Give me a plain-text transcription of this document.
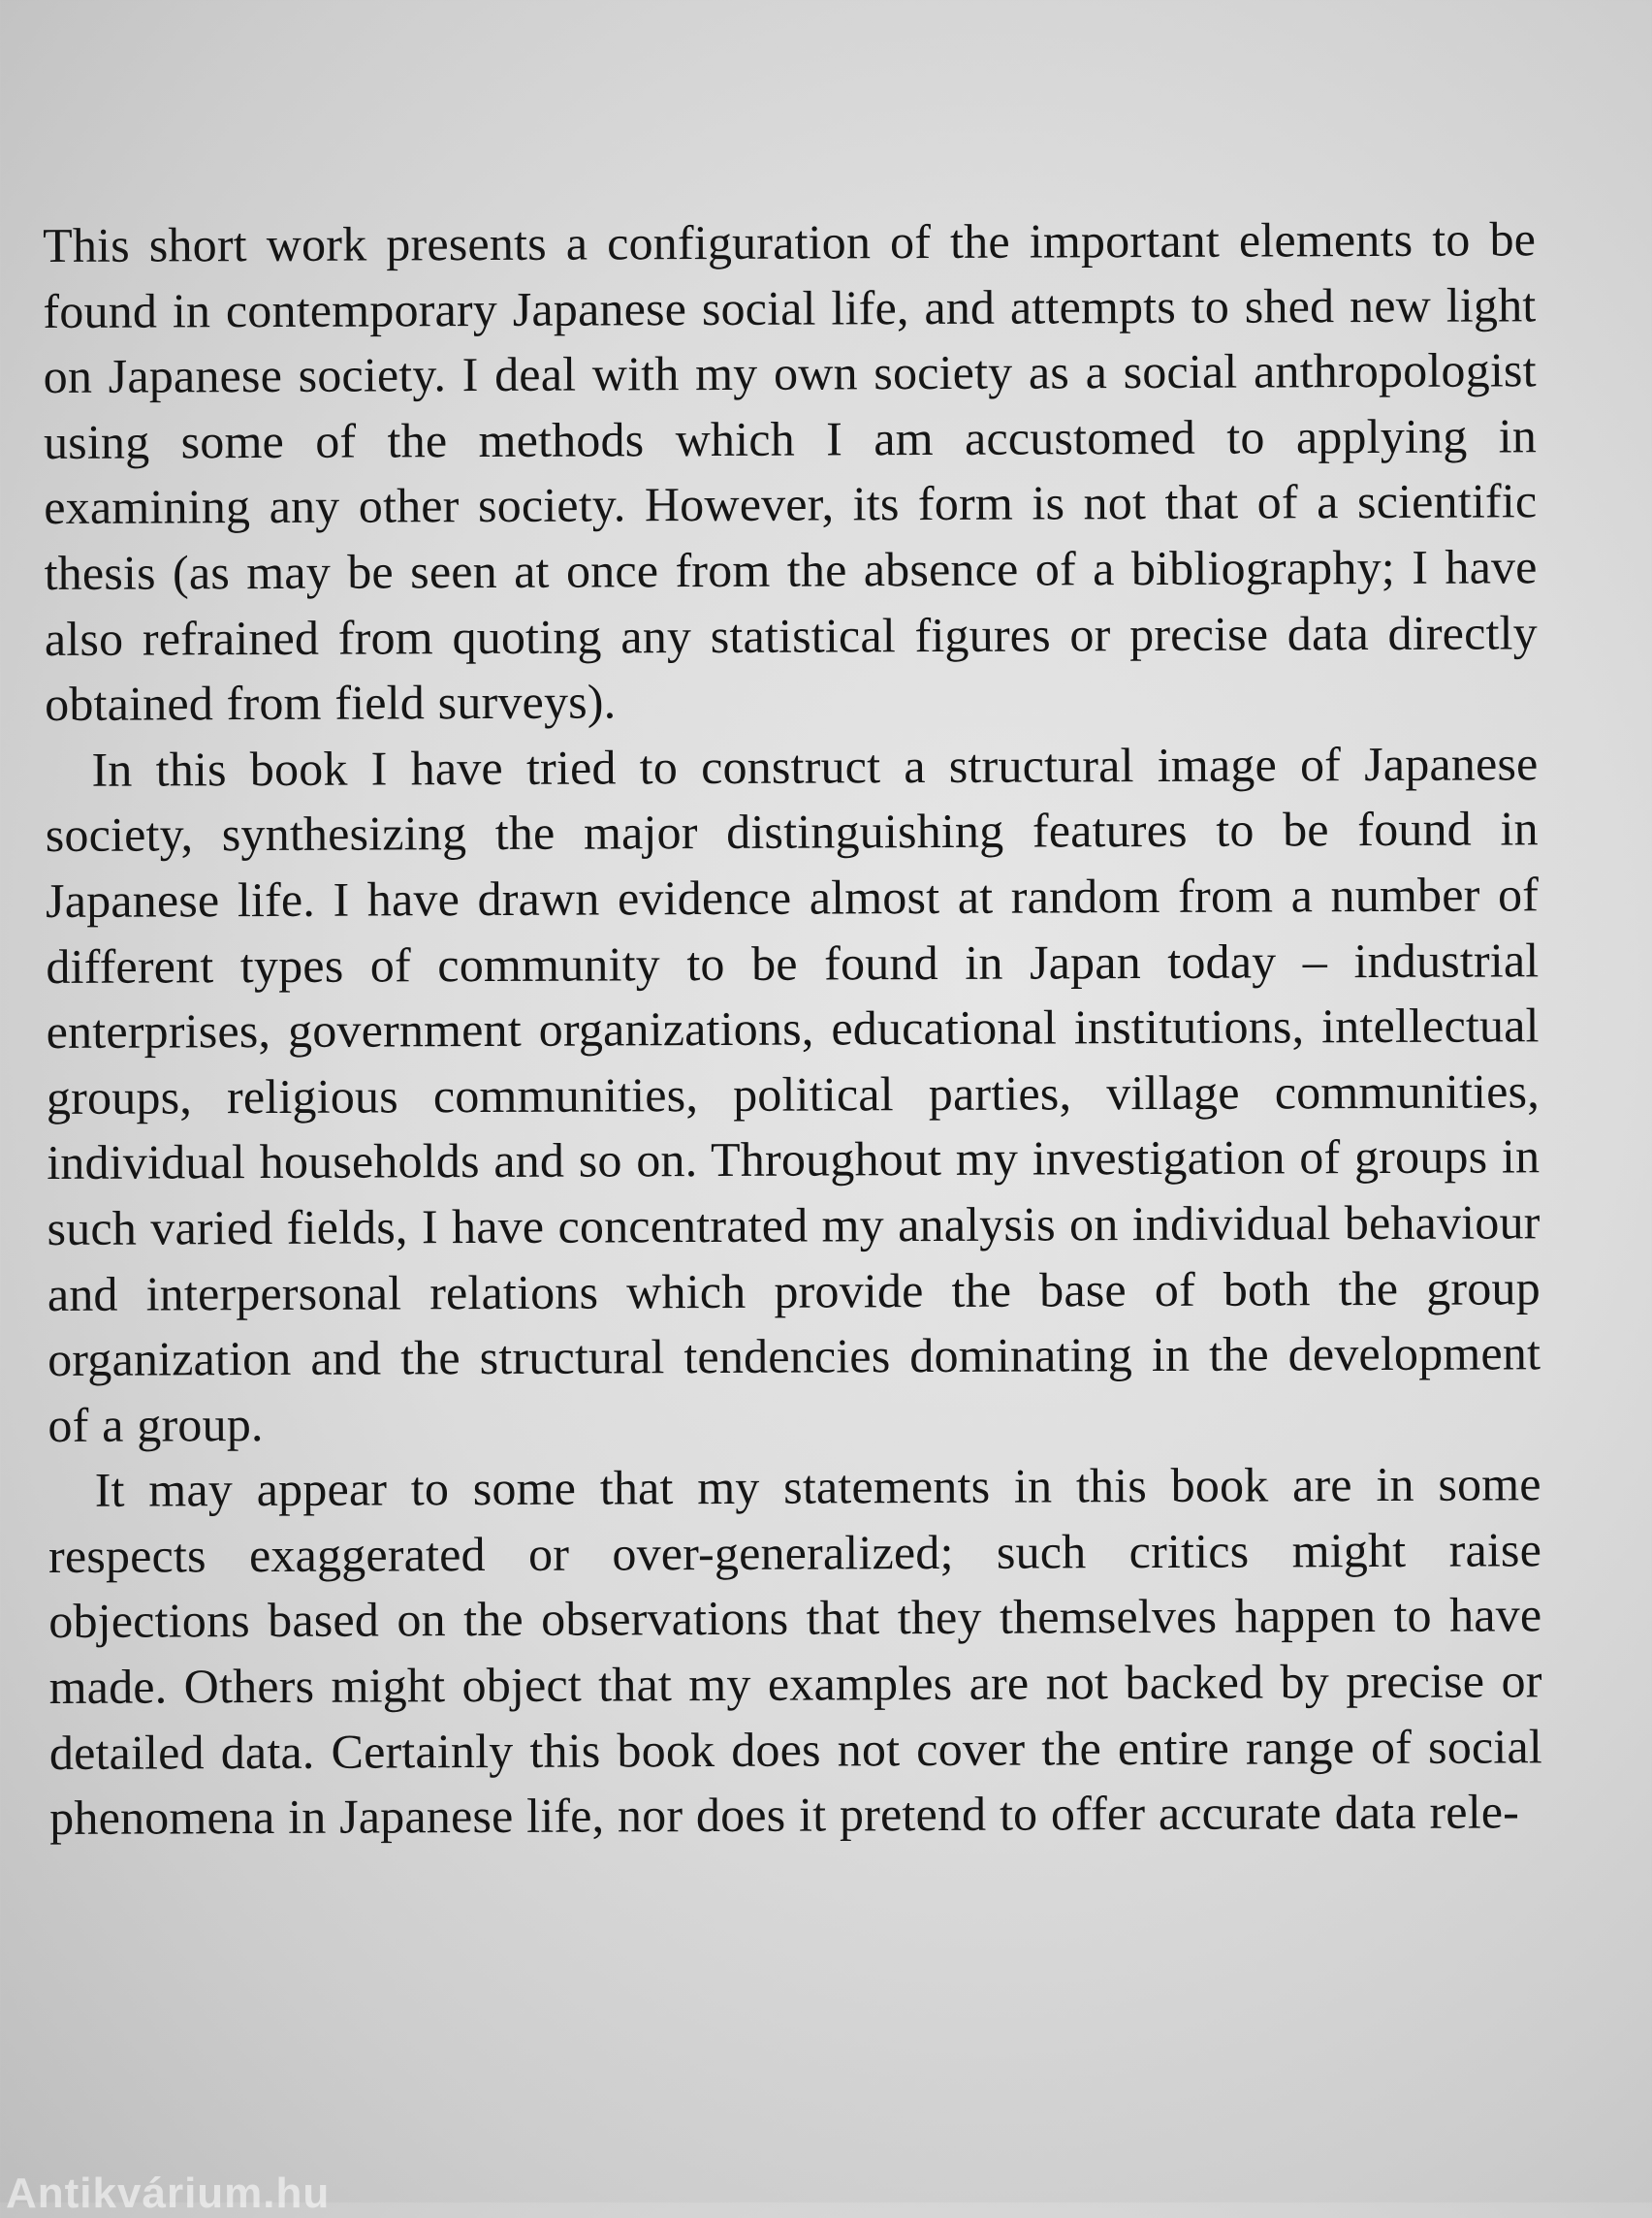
This short work presents a configuration of the important elements to be found in contemporary Japanese social life, and attempts to shed new light on Japanese society. I deal with my own society as a social anthropologist using some of the methods which I am accustomed to applying in examining any other society. However, its form is not that of a scientific thesis (as may be seen at once from the absence of a bibliography; I have also refrained from quoting any statistical figures or precise data directly obtained from field surveys).

In this book I have tried to construct a structural image of Japanese society, synthesizing the major distinguishing features to be found in Japanese life. I have drawn evidence almost at random from a number of different types of community to be found in Japan today – industrial enterprises, government organizations, educational institutions, intellectual groups, religious communities, political parties, village communities, individual households and so on. Throughout my investigation of groups in such varied fields, I have concentrated my analysis on individual behaviour and interpersonal relations which provide the base of both the group organization and the structural tendencies dominating in the development of a group.

It may appear to some that my statements in this book are in some respects exaggerated or over-generalized; such critics might raise objections based on the observations that they themselves happen to have made. Others might object that my examples are not backed by precise or detailed data. Certainly this book does not cover the entire range of social phenomena in Japanese life, nor does it pretend to offer accurate data rele-

Antikvárium.hu
